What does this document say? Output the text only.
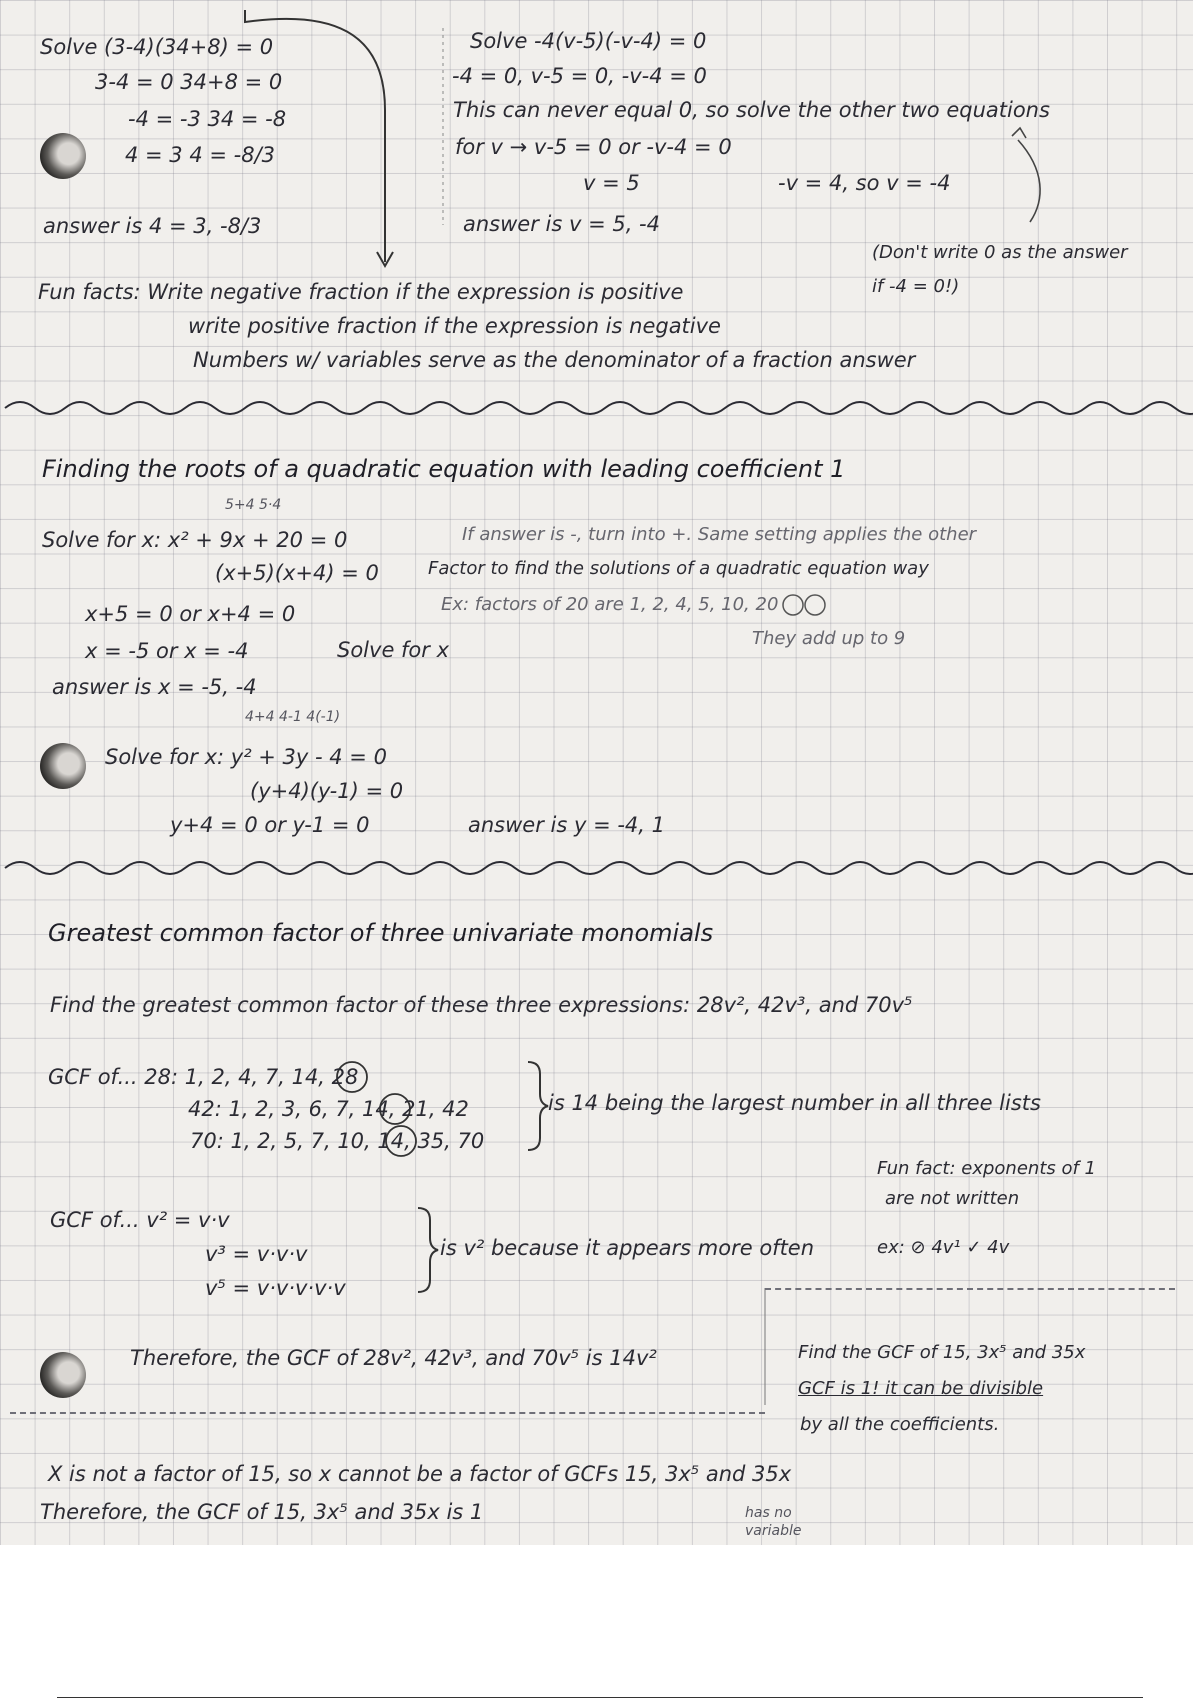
Solve (3-4)(34+8) = 0
3-4 = 0 34+8 = 0
-4 = -3 34 = -8
4 = 3 4 = -8/3
answer is 4 = 3, -8/3
Solve -4(v-5)(-v-4) = 0
-4 = 0, v-5 = 0, -v-4 = 0
This can never equal 0, so solve the other two equations
for v → v-5 = 0 or -v-4 = 0
v = 5	-v = 4, so v = -4
answer is v = 5, -4
(Don't write 0 as the answer if -4 = 0!)
Fun facts: Write negative fraction if the expression is positive
write positive fraction if the expression is negative
Numbers w/ variables serve as the denominator of a fraction answer
Finding the roots of a quadratic equation with leading coefficient 1
5+4 5·4
Solve for x: x² + 9x + 20 = 0
(x+5)(x+4) = 0
x+5 = 0 or x+4 = 0
x = -5 or x = -4	Solve for x
answer is x = -5, -4
If answer is -, turn into +. Same setting applies the other
Factor to find the solutions of a quadratic equation way
Ex: factors of 20 are 1, 2, 4, 5, 10, 20
They add up to 9
4+4 4-1 4(-1)
Solve for x: y² + 3y - 4 = 0
(y+4)(y-1) = 0
y+4 = 0 or y-1 = 0	answer is y = -4, 1
Greatest common factor of three univariate monomials
Find the greatest common factor of these three expressions: 28v², 42v³, and 70v⁵
GCF of... 28: 1, 2, 4, 7, 14, 28
42: 1, 2, 3, 6, 7, 14, 21, 42
70: 1, 2, 5, 7, 10, 14, 35, 70
is 14 being the largest number in all three lists
Fun fact: exponents of 1
are not written
GCF of... v² = v·v
v³ = v·v·v
v⁵ = v·v·v·v·v
is v² because it appears more often	ex: ⊘ 4v¹ ✓ 4v
Therefore, the GCF of 28v², 42v³, and 70v⁵ is 14v²	Find the GCF of 15, 3x⁵ and 35x
GCF is 1! it can be divisible
by all the coefficients.
X is not a factor of 15, so x cannot be a factor of GCFs 15, 3x⁵ and 35x
Therefore, the GCF of 15, 3x⁵ and 35x is 1	has no
variable
